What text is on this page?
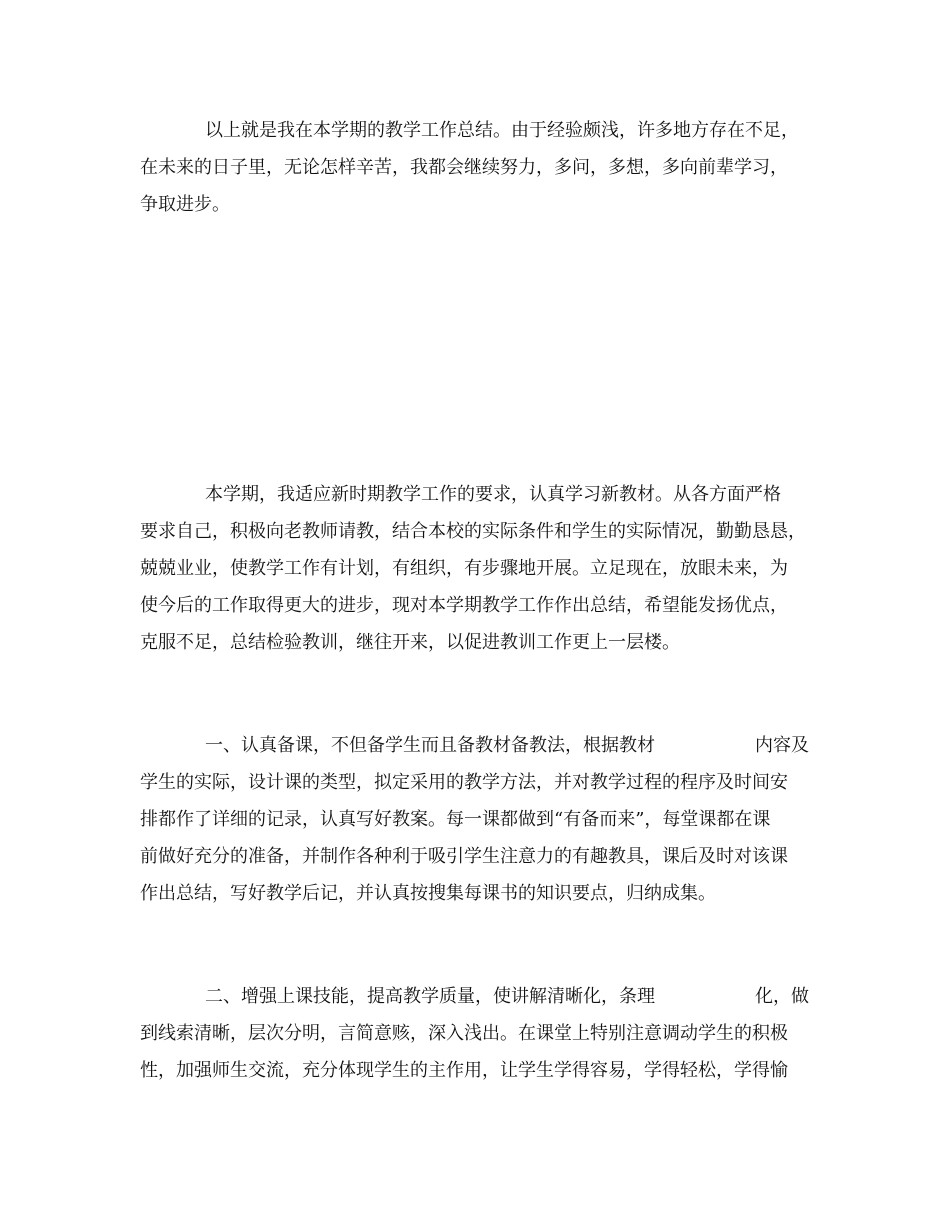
以上就是我在本学期的教学工作总结。由于经验颇浅，许多地方存在不足，

在未来的日子里，无论怎样辛苦，我都会继续努力，多问，多想，多向前辈学习，

争取进步。

本学期，我适应新时期教学工作的要求，认真学习新教材。从各方面严格

要求自己，积极向老教师请教，结合本校的实际条件和学生的实际情况，勤勤恳恳，

兢兢业业，使教学工作有计划，有组织，有步骤地开展。立足现在，放眼未来，为

使今后的工作取得更大的进步，现对本学期教学工作作出总结，希望能发扬优点，

克服不足，总结检验教训，继往开来，以促进教训工作更上一层楼。

一、认真备课，不但备学生而且备教材备教法，根据教材	内容及

学生的实际，设计课的类型，拟定采用的教学方法，并对教学过程的程序及时间安

排都作了详细的记录，认真写好教案。每一课都做到“有备而来”，每堂课都在课

前做好充分的准备，并制作各种利于吸引学生注意力的有趣教具，课后及时对该课

作出总结，写好教学后记，并认真按搜集每课书的知识要点，归纳成集。

二、增强上课技能，提高教学质量，使讲解清晰化，条理	化，做

到线索清晰，层次分明，言简意赅，深入浅出。在课堂上特别注意调动学生的积极

性，加强师生交流，充分体现学生的主作用，让学生学得容易，学得轻松，学得愉
